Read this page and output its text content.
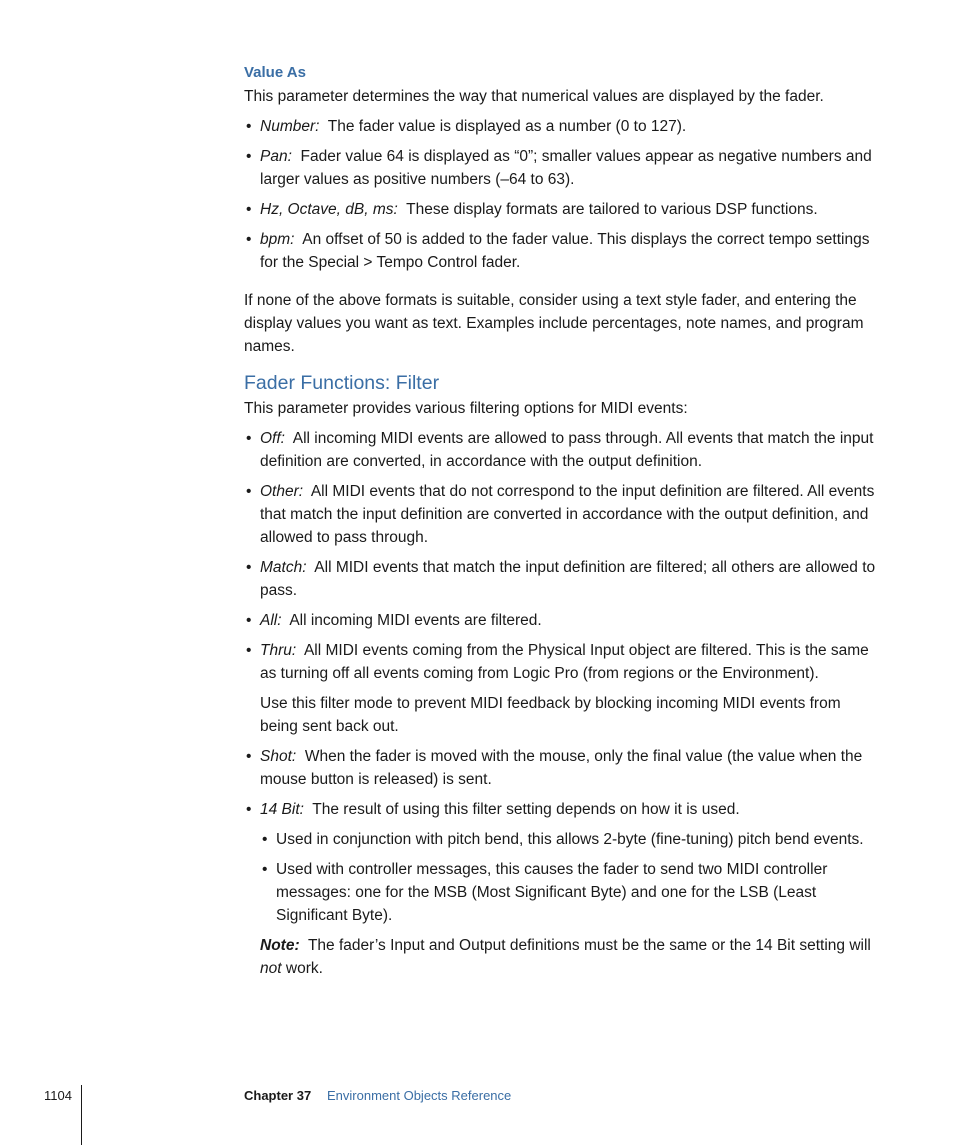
Value As

This parameter determines the way that numerical values are displayed by the fader.

• Number: The fader value is displayed as a number (0 to 127).
• Pan: Fader value 64 is displayed as “0”; smaller values appear as negative numbers and larger values as positive numbers (–64 to 63).
• Hz, Octave, dB, ms: These display formats are tailored to various DSP functions.
• bpm: An offset of 50 is added to the fader value. This displays the correct tempo settings for the Special > Tempo Control fader.

If none of the above formats is suitable, consider using a text style fader, and entering the display values you want as text. Examples include percentages, note names, and program names.

Fader Functions: Filter

This parameter provides various filtering options for MIDI events:

• Off: All incoming MIDI events are allowed to pass through. All events that match the input definition are converted, in accordance with the output definition.
• Other: All MIDI events that do not correspond to the input definition are filtered. All events that match the input definition are converted in accordance with the output definition, and allowed to pass through.
• Match: All MIDI events that match the input definition are filtered; all others are allowed to pass.
• All: All incoming MIDI events are filtered.
• Thru: All MIDI events coming from the Physical Input object are filtered. This is the same as turning off all events coming from Logic Pro (from regions or the Environment).

Use this filter mode to prevent MIDI feedback by blocking incoming MIDI events from being sent back out.

• Shot: When the fader is moved with the mouse, only the final value (the value when the mouse button is released) is sent.
• 14 Bit: The result of using this filter setting depends on how it is used.
• Used in conjunction with pitch bend, this allows 2-byte (fine-tuning) pitch bend events.
• Used with controller messages, this causes the fader to send two MIDI controller messages: one for the MSB (Most Significant Byte) and one for the LSB (Least Significant Byte).

Note: The fader’s Input and Output definitions must be the same or the 14 Bit setting will not work.

1104	Chapter 37 Environment Objects Reference
